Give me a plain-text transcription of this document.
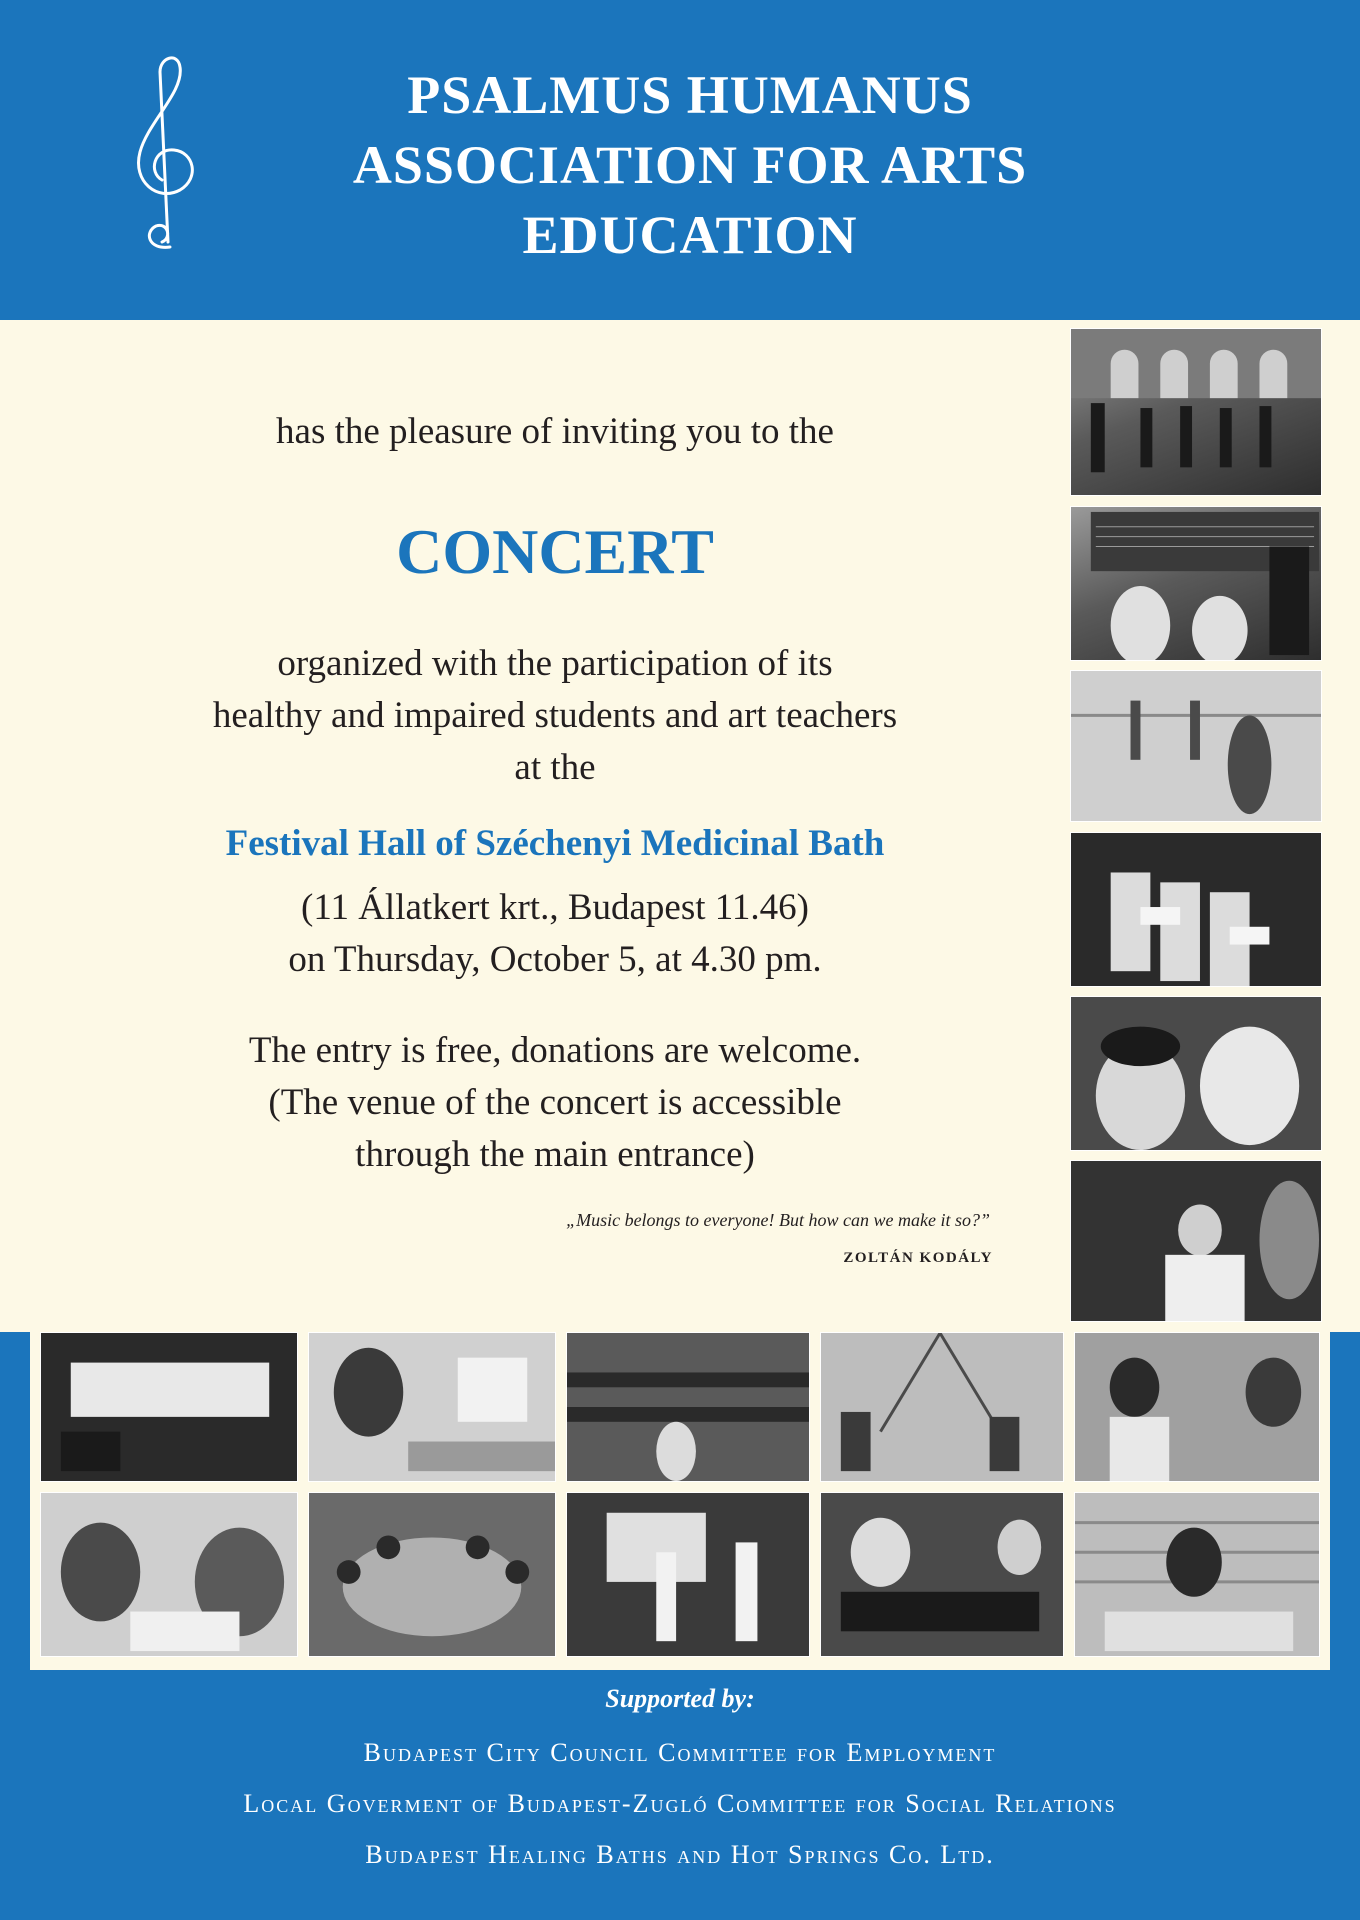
PSALMUS HUMANUS
ASSOCIATION FOR ARTS
EDUCATION
has the pleasure of inviting you to the
CONCERT
organized with the participation of its
healthy and impaired students and art teachers
at the
Festival Hall of Széchenyi Medicinal Bath
(11 Állatkert krt., Budapest 11.46)
on Thursday, October 5, at 4.30 pm.
The entry is free, donations are welcome.
(The venue of the concert is accessible
through the main entrance)
„Music belongs to everyone! But how can we make it so?”
ZOLTÁN KODÁLY
Supported by:
Budapest City Council Committee for Employment
Local Goverment of Budapest-Zugló Committee for Social Relations
Budapest Healing Baths and Hot Springs Co. Ltd.
